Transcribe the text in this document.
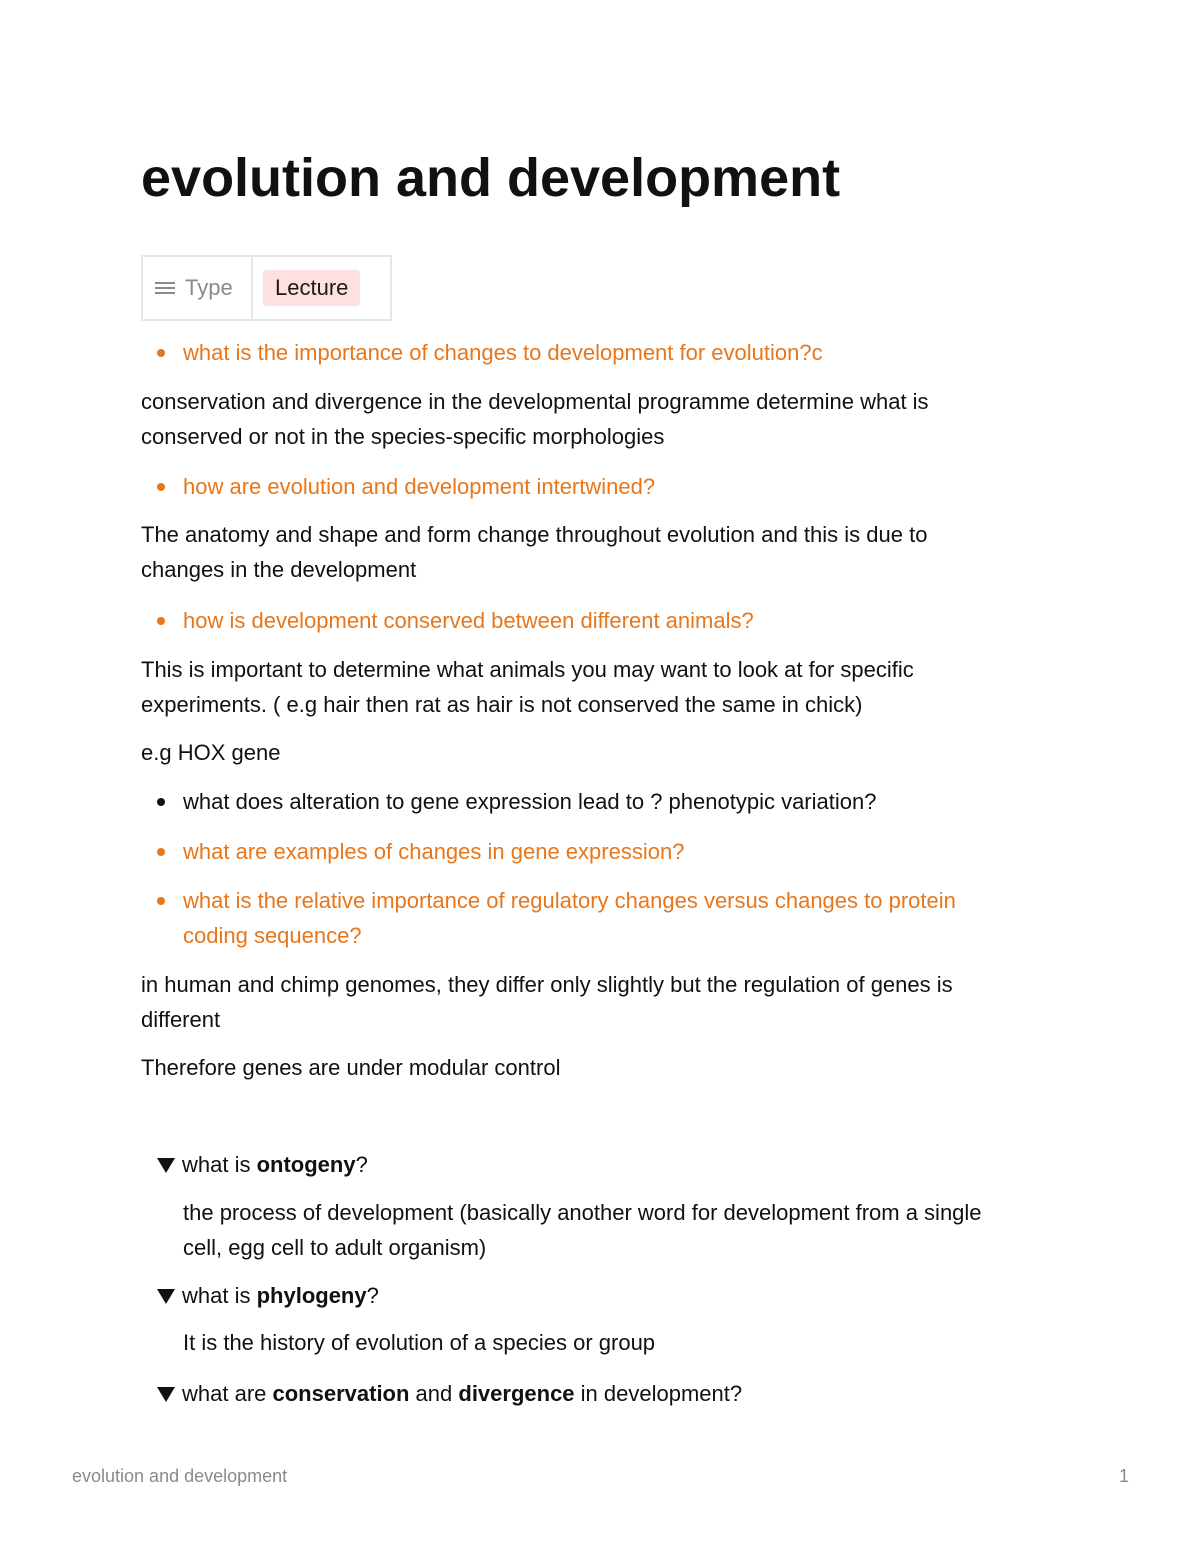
evolution and development
Type	Lecture
what is the importance of changes to development for evolution?c
conservation and divergence in the developmental programme determine what is
conserved or not in the species-specific morphologies
how are evolution and development intertwined?
The anatomy and shape and form change throughout evolution and this is due to
changes in the development
how is development conserved between different animals?
This is important to determine what animals you may want to look at for specific
experiments. ( e.g hair then rat as hair is not conserved the same in chick)
e.g HOX gene
what does alteration to gene expression lead to ? phenotypic variation?
what are examples of changes in gene expression?
what is the relative importance of regulatory changes versus changes to protein
coding sequence?
in human and chimp genomes, they differ only slightly but the regulation of genes is
different
Therefore genes are under modular control
what is ontogeny?
the process of development (basically another word for development from a single
cell, egg cell to adult organism)
what is phylogeny?
It is the history of evolution of a species or group
what are conservation and divergence in development?
evolution and development	1
